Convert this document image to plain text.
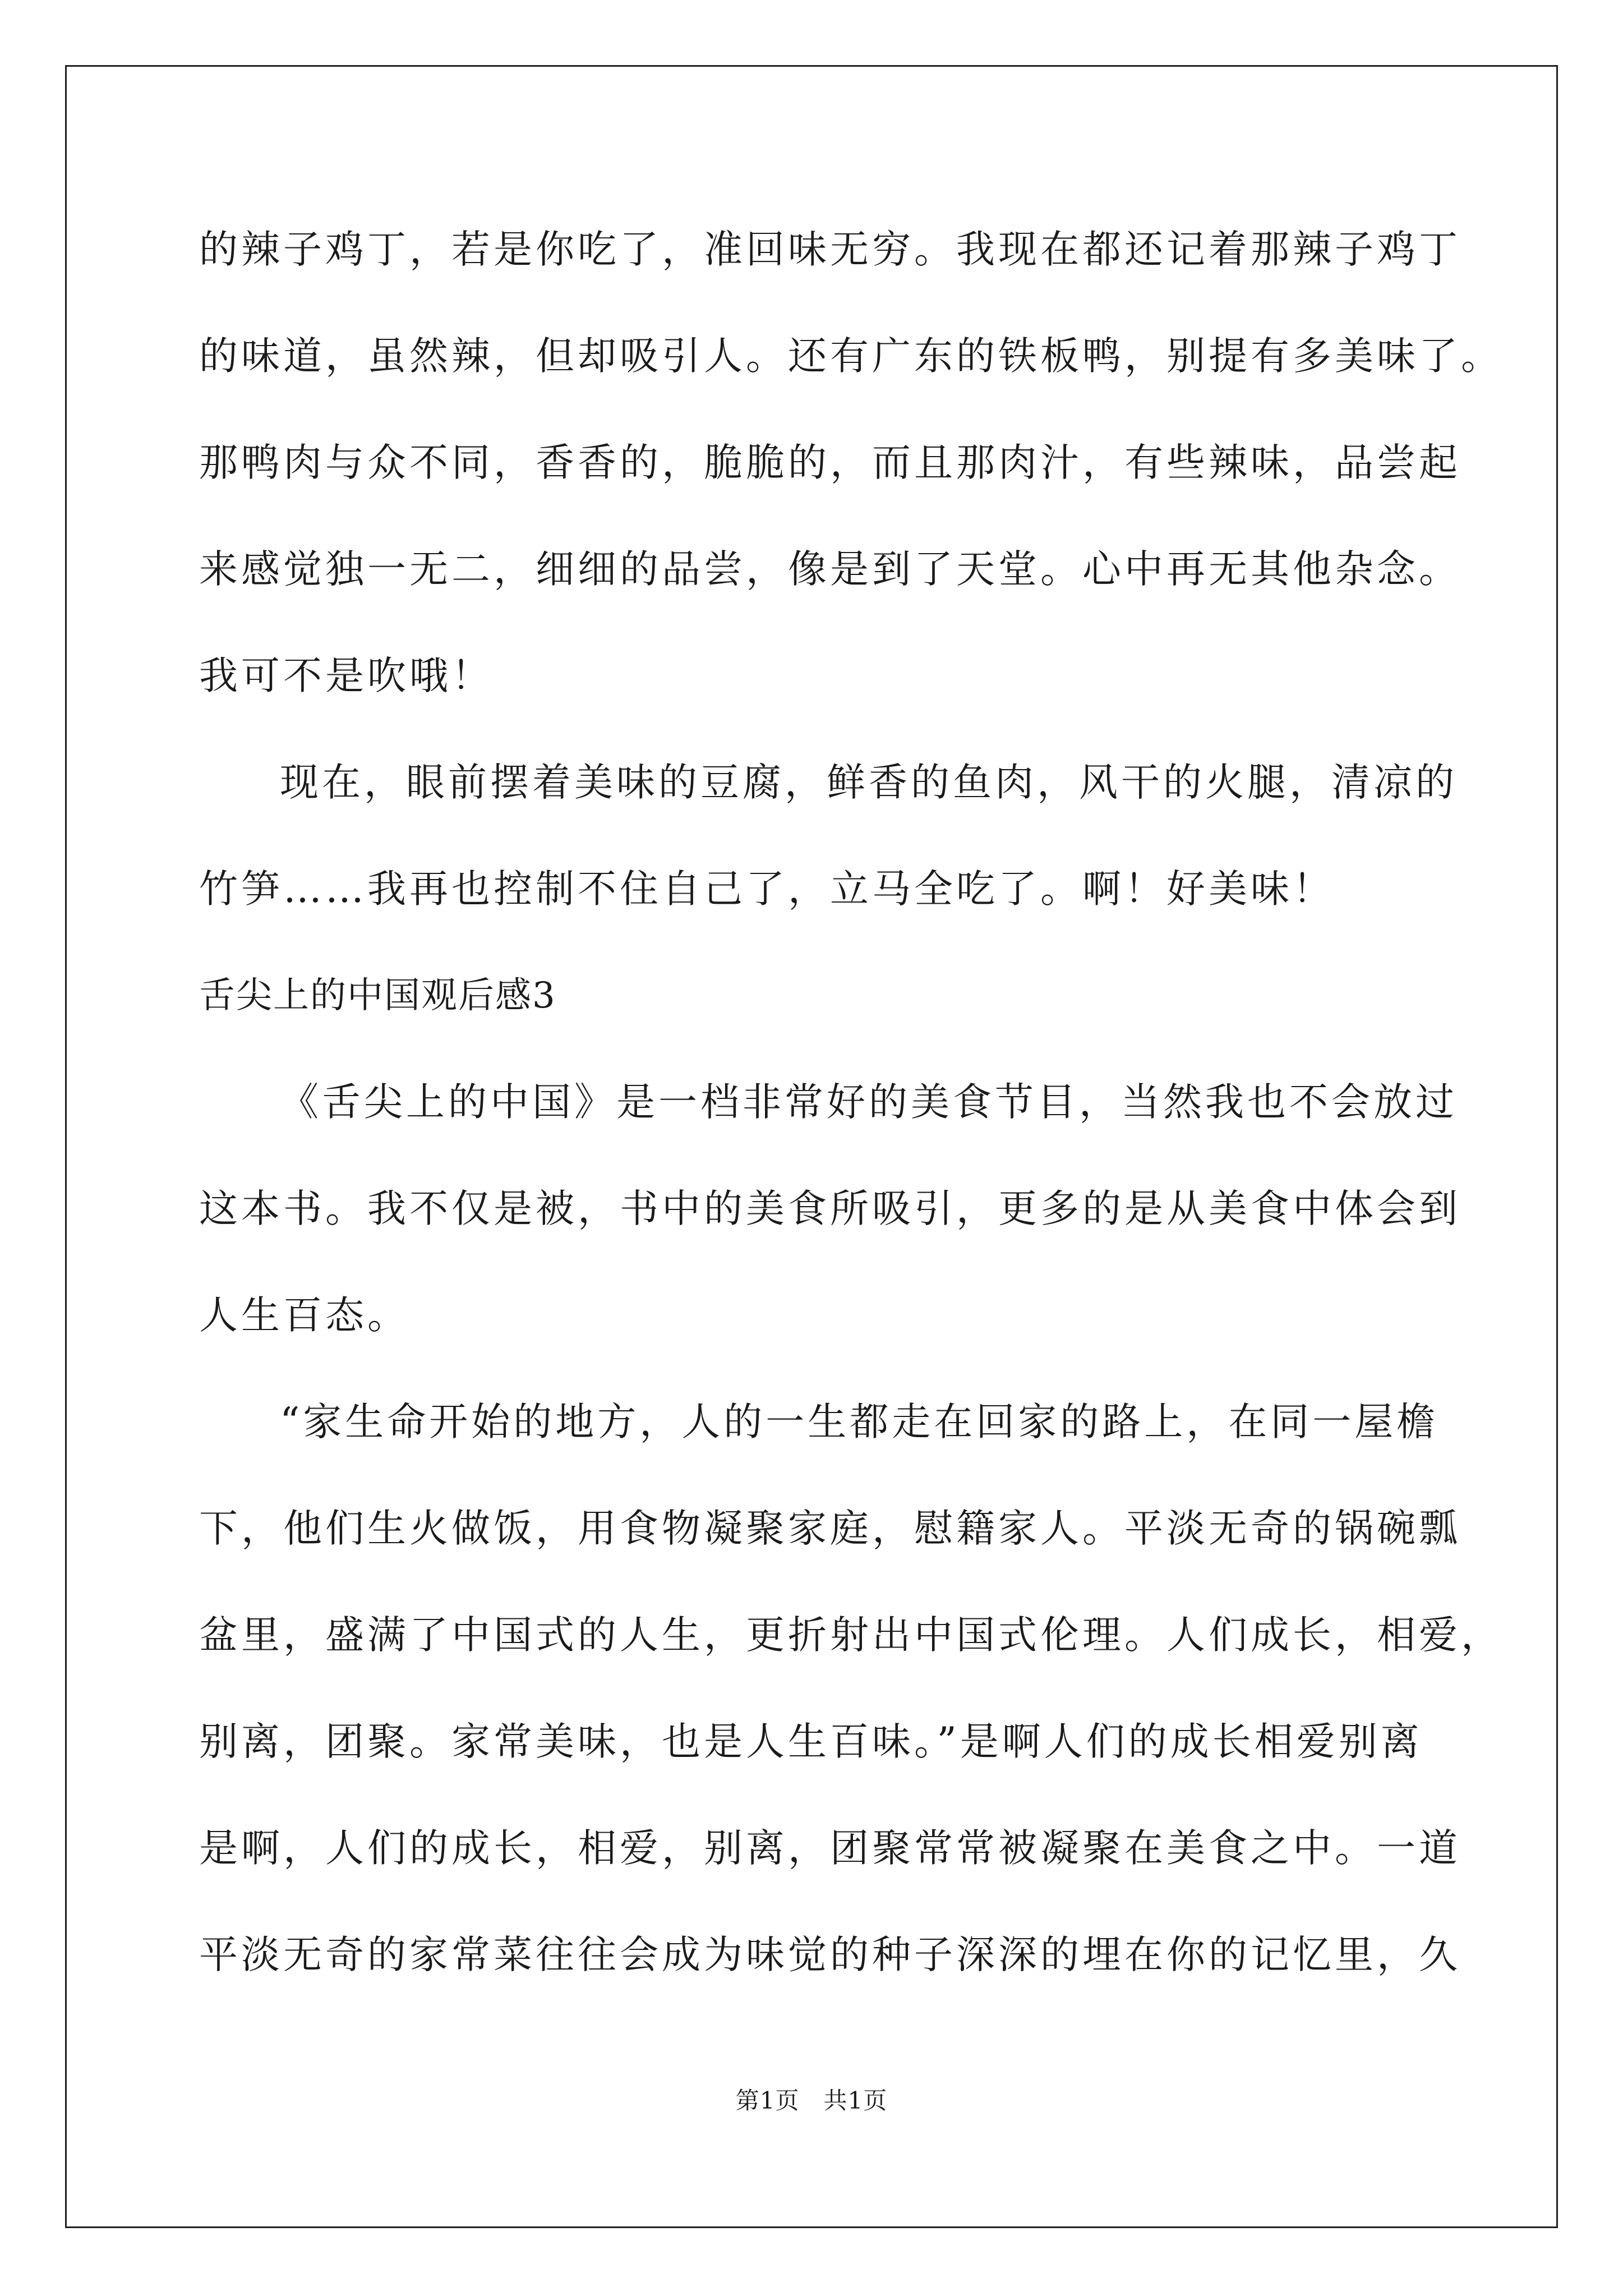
的辣子鸡丁，若是你吃了，准回味无穷。我现在都还记着那辣子鸡丁
的味道，虽然辣，但却吸引人。还有广东的铁板鸭，别提有多美味了。
那鸭肉与众不同，香香的，脆脆的，而且那肉汁，有些辣味，品尝起
来感觉独一无二，细细的品尝，像是到了天堂。心中再无其他杂念。
我可不是吹哦！
现在，眼前摆着美味的豆腐，鲜香的鱼肉，风干的火腿，清凉的
竹笋……我再也控制不住自己了，立马全吃了。啊！好美味！
舌尖上的中国观后感3
《舌尖上的中国》是一档非常好的美食节目，当然我也不会放过
这本书。我不仅是被，书中的美食所吸引，更多的是从美食中体会到
人生百态。
“家生命开始的地方，人的一生都走在回家的路上，在同一屋檐
下，他们生火做饭，用食物凝聚家庭，慰籍家人。平淡无奇的锅碗瓢
盆里，盛满了中国式的人生，更折射出中国式伦理。人们成长，相爱，
别离，团聚。家常美味，也是人生百味。”是啊人们的成长相爱别离
是啊，人们的成长，相爱，别离，团聚常常被凝聚在美食之中。一道
平淡无奇的家常菜往往会成为味觉的种子深深的埋在你的记忆里，久
第1页　共1页
